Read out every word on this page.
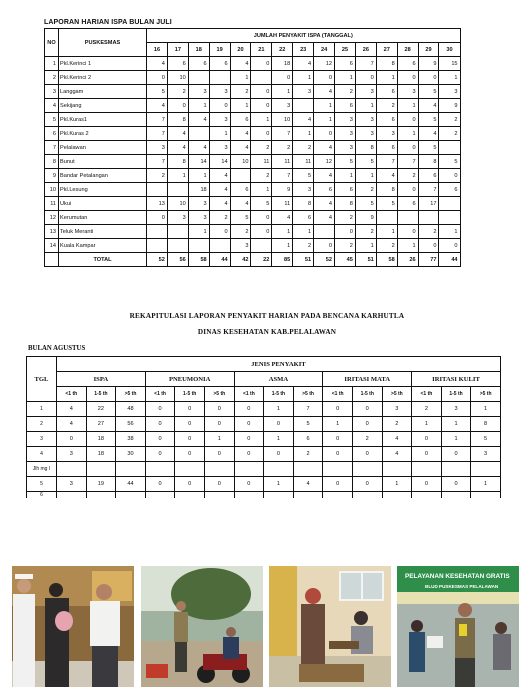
LAPORAN HARIAN ISPA BULAN JULI
NO	PUSKESMAS	JUMLAH PENYAKIT ISPA (TANGGAL)														
		16	17	18	19	20	21	22	23	24	25	26	27	28	29	30
1	Pkl.Kerinci 1	4	6	6	6	4	0	18	4	12	6	7	8	6	9	15
2	Pkl.Kerinci 2	0	10			1		0	1	0	1	0	1	0	0	1
3	Langgam	5	2	3	3	2	0	1	3	4	2	3	6	3	5	3
4	Sekijang	4	0	1	0	1	0	3		1	6	1	2	1	4	9
5	Pkl.Kuras1	7	8	4	3	6	1	10	4	1	3	3	6	0	5	2
6	Pkl.Kuras 2	7	4		1	4	0	7	1	0	3	3	3	1	4	2
7	Pelalawan	3	4	4	3	4	2	2	2	4	3	8	6	0	5	
8	Bunut	7	8	14	14	10	11	11	11	12	5	5	7	7	8	5
9	Bandar Petalangan	2	1	1	4		2	7	5	4	1	1	4	2	6	0
10	Pkl.Lesung			18	4	6	1	9	3	6	6	2	8	0	7	6
11	Ukui	13	10	3	4	4	5	11	8	4	8	5	5	6	17	
12	Kerumutan	0	3	3	2	5	0	4	6	4	2	9				
13	Teluk Meranti			1	0	2	0	1	1		0	2	1	0	2	1
14	Kuala Kampar					3		1	2	0	2	1	2	1	0	0
	TOTAL	52	56	58	44	42	22	85	51	52	45	51	58	26	77	44
REKAPITULASI LAPORAN PENYAKIT HARIAN PADA BENCANA KARHUTLA
DINAS KESEHATAN KAB.PELALAWAN
BULAN AGUSTUS
TGL	JENIS PENYAKIT														
	ISPA			PNEUMONIA			ASMA			IRITASI MATA			IRITASI KULIT		
	<1 th	1-5 th	>5 th	<1 th	1-5 th	>5 th	<1 th	1-5 th	>5 th	<1 th	1-5 th	>5 th	<1 th	1-5 th	>5 th
1	4	22	48	0	0	0	0	1	7	0	0	3	2	3	1
2	4	27	56	0	0	0	0	0	5	1	0	2	1	1	8
3	0	18	38	0	0	1	0	1	6	0	2	4	0	1	5
4	3	18	30	0	0	0	0	0	2	0	0	4	0	0	3
Jlh mg I															
5	3	19	44	0	0	0	0	1	4	0	0	1	0	0	1
6															
PELAYANAN KESEHATAN GRATIS
BLUD PUSKESMAS PELALAWAN
